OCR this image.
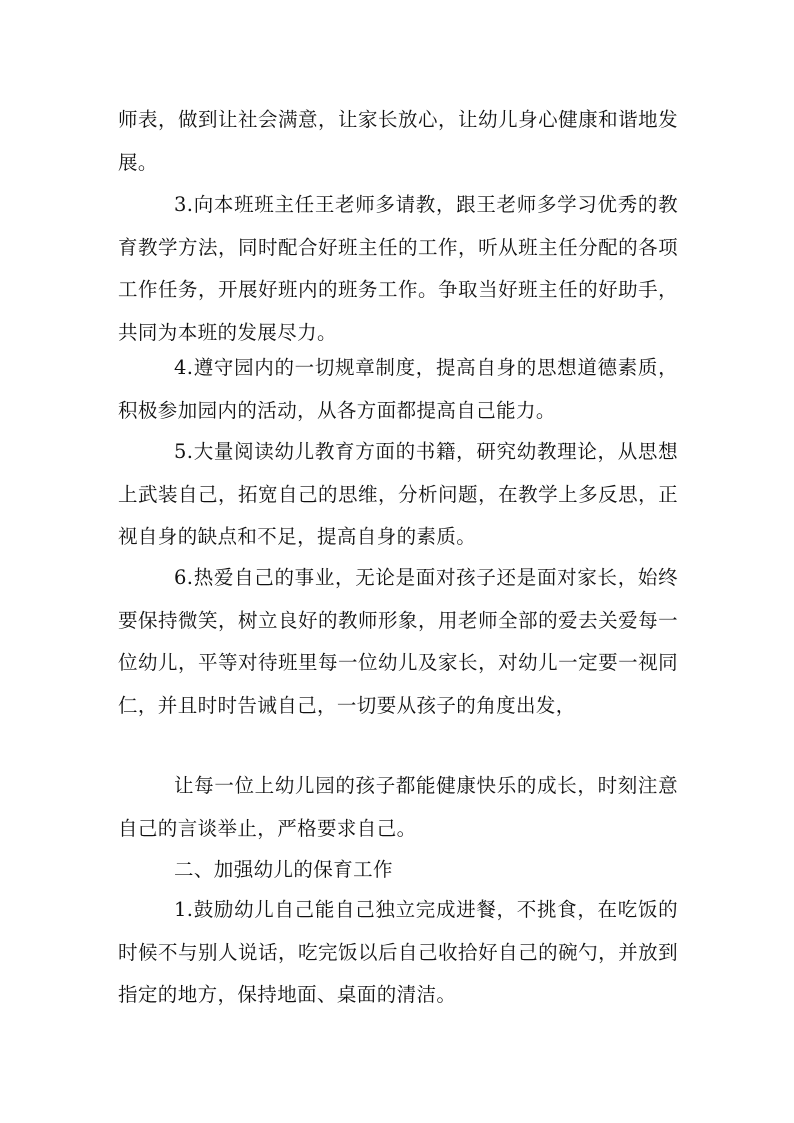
师表，做到让社会满意，让家长放心，让幼儿身心健康和谐地发展。

3.向本班班主任王老师多请教，跟王老师多学习优秀的教育教学方法，同时配合好班主任的工作，听从班主任分配的各项工作任务，开展好班内的班务工作。争取当好班主任的好助手，共同为本班的发展尽力。

4.遵守园内的一切规章制度，提高自身的思想道德素质，积极参加园内的活动，从各方面都提高自己能力。

5.大量阅读幼儿教育方面的书籍，研究幼教理论，从思想上武装自己，拓宽自己的思维，分析问题，在教学上多反思，正视自身的缺点和不足，提高自身的素质。

6.热爱自己的事业，无论是面对孩子还是面对家长，始终要保持微笑，树立良好的教师形象，用老师全部的爱去关爱每一位幼儿，平等对待班里每一位幼儿及家长，对幼儿一定要一视同仁，并且时时告诫自己，一切要从孩子的角度出发，

让每一位上幼儿园的孩子都能健康快乐的成长，时刻注意自己的言谈举止，严格要求自己。

二、加强幼儿的保育工作

1.鼓励幼儿自己能自己独立完成进餐，不挑食，在吃饭的时候不与别人说话，吃完饭以后自己收拾好自己的碗勺，并放到指定的地方，保持地面、桌面的清洁。
